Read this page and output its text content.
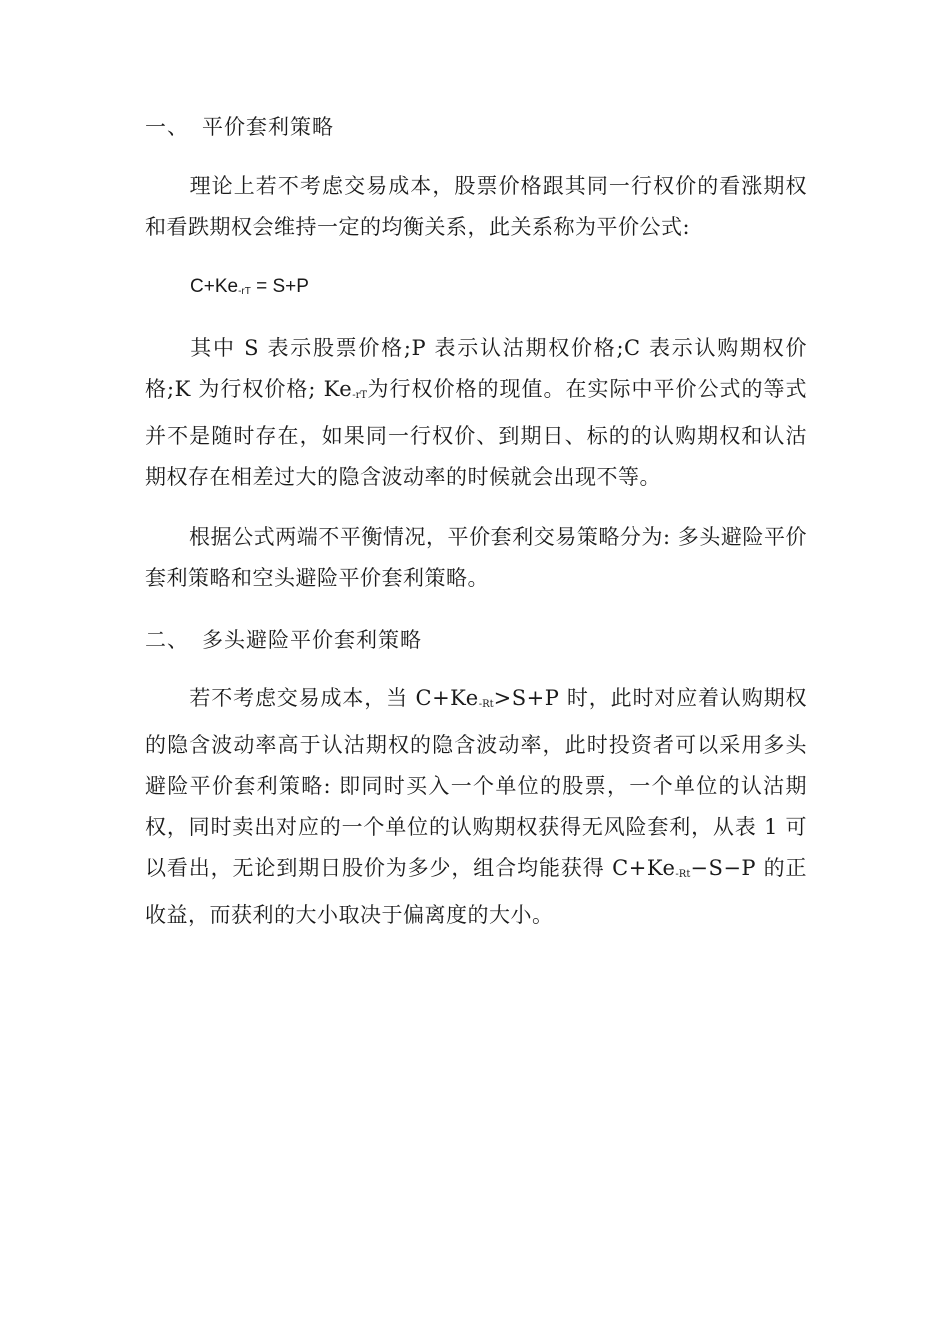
一、 平价套利策略
理论上若不考虑交易成本，股票价格跟其同一行权价的看涨期权和看跌期权会维持一定的均衡关系，此关系称为平价公式:
$C+Ke_{-rT} = S+P$
其中 S 表示股票价格;P 表示认沽期权价格;C 表示认购期权价格;K 为行权价格; $Ke_{-rT}$为行权价格的现值。在实际中平价公式的等式并不是随时存在，如果同一行权价、到期日、标的的认购期权和认沽期权存在相差过大的隐含波动率的时候就会出现不等。
根据公式两端不平衡情况，平价套利交易策略分为: 多头避险平价套利策略和空头避险平价套利策略。
二、 多头避险平价套利策略
若不考虑交易成本，当 $C+Ke_{-Rt}>S+P$ 时，此时对应着认购期权的隐含波动率高于认沽期权的隐含波动率，此时投资者可以采用多头避险平价套利策略: 即同时买入一个单位的股票，一个单位的认沽期权，同时卖出对应的一个单位的认购期权获得无风险套利，从表 1 可以看出，无论到期日股价为多少，组合均能获得 $C+Ke_{-Rt}-S-P$ 的正收益，而获利的大小取决于偏离度的大小。
